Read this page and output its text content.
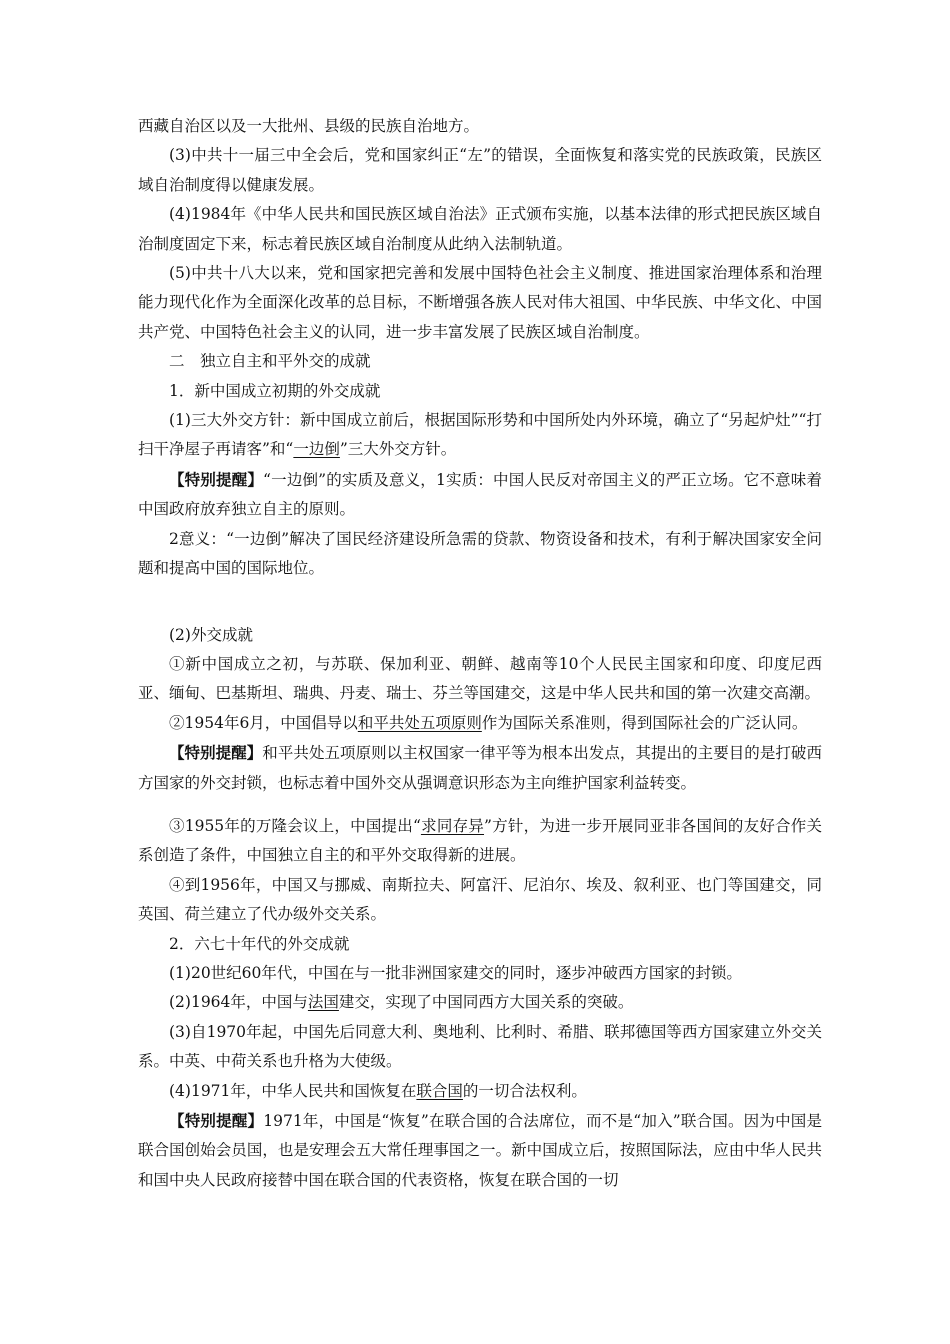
西藏自治区以及一大批州、县级的民族自治地方。

(3)中共十一届三中全会后，党和国家纠正“左”的错误，全面恢复和落实党的民族政策，民族区域自治制度得以健康发展。

(4)1984年《中华人民共和国民族区域自治法》正式颁布实施，以基本法律的形式把民族区域自治制度固定下来，标志着民族区域自治制度从此纳入法制轨道。

(5)中共十八大以来，党和国家把完善和发展中国特色社会主义制度、推进国家治理体系和治理能力现代化作为全面深化改革的总目标，不断增强各族人民对伟大祖国、中华民族、中华文化、中国共产党、中国特色社会主义的认同，进一步丰富发展了民族区域自治制度。

二　独立自主和平外交的成就

1．新中国成立初期的外交成就

(1)三大外交方针：新中国成立前后，根据国际形势和中国所处内外环境，确立了“另起炉灶”“打扫干净屋子再请客”和“一边倒”三大外交方针。

【特别提醒】“一边倒”的实质及意义，1实质：中国人民反对帝国主义的严正立场。它不意味着中国政府放弃独立自主的原则。

2意义：“一边倒”解决了国民经济建设所急需的贷款、物资设备和技术，有利于解决国家安全问题和提高中国的国际地位。

(2)外交成就

①新中国成立之初，与苏联、保加利亚、朝鲜、越南等10个人民民主国家和印度、印度尼西亚、缅甸、巴基斯坦、瑞典、丹麦、瑞士、芬兰等国建交，这是中华人民共和国的第一次建交高潮。

②1954年6月，中国倡导以和平共处五项原则作为国际关系准则，得到国际社会的广泛认同。

【特别提醒】和平共处五项原则以主权国家一律平等为根本出发点，其提出的主要目的是打破西方国家的外交封锁，也标志着中国外交从强调意识形态为主向维护国家利益转变。

③1955年的万隆会议上，中国提出“求同存异”方针，为进一步开展同亚非各国间的友好合作关系创造了条件，中国独立自主的和平外交取得新的进展。

④到1956年，中国又与挪威、南斯拉夫、阿富汗、尼泊尔、埃及、叙利亚、也门等国建交，同英国、荷兰建立了代办级外交关系。

2．六七十年代的外交成就

(1)20世纪60年代，中国在与一批非洲国家建交的同时，逐步冲破西方国家的封锁。

(2)1964年，中国与法国建交，实现了中国同西方大国关系的突破。

(3)自1970年起，中国先后同意大利、奥地利、比利时、希腊、联邦德国等西方国家建立外交关系。中英、中荷关系也升格为大使级。

(4)1971年，中华人民共和国恢复在联合国的一切合法权利。

【特别提醒】1971年，中国是“恢复”在联合国的合法席位，而不是“加入”联合国。因为中国是联合国创始会员国，也是安理会五大常任理事国之一。新中国成立后，按照国际法，应由中华人民共和国中央人民政府接替中国在联合国的代表资格，恢复在联合国的一切
